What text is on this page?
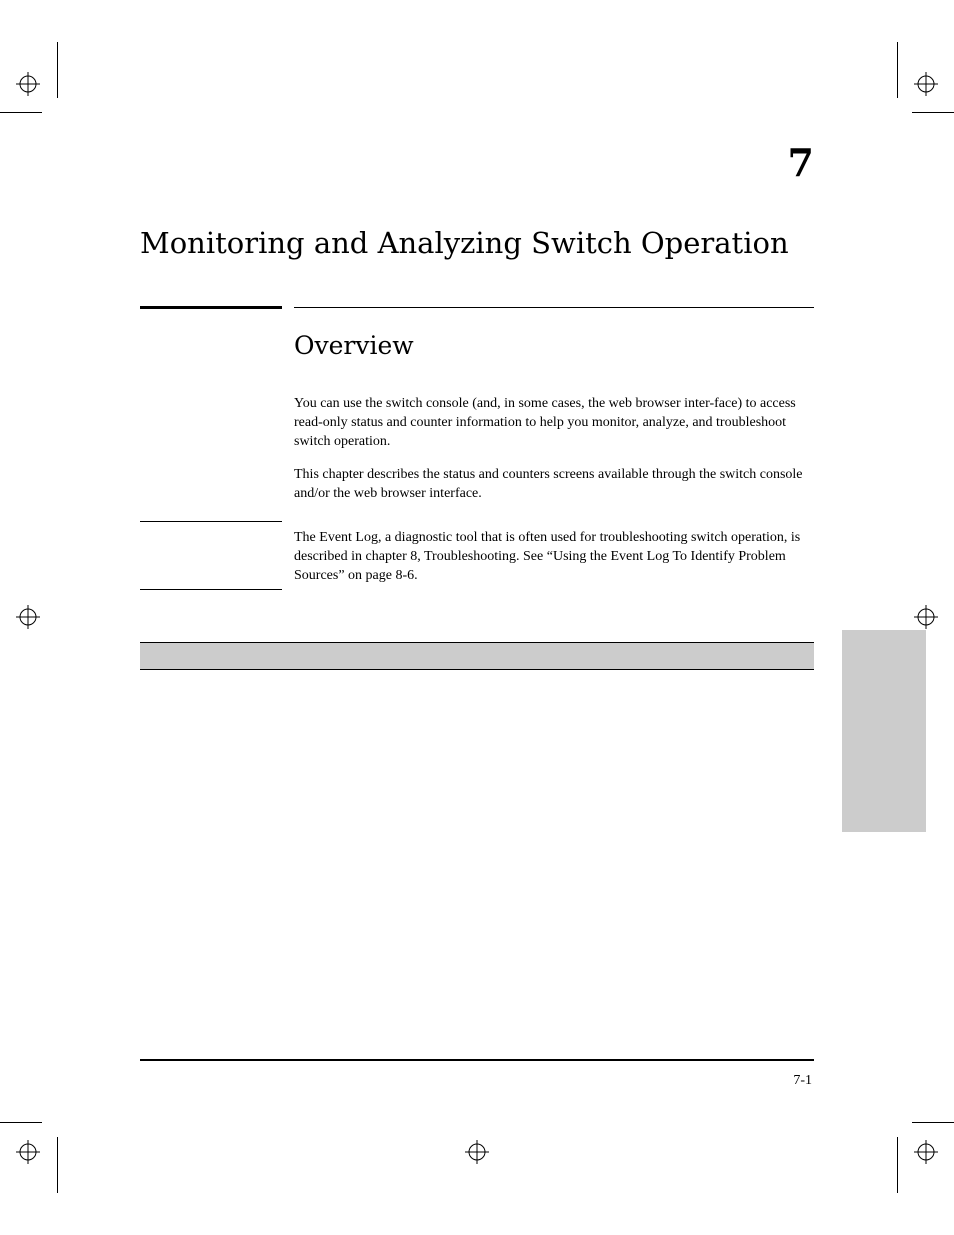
7
Monitoring and Analyzing Switch Operation
Overview
You can use the switch console (and, in some cases, the web browser inter-face) to access read-only status and counter information to help you monitor, analyze, and troubleshoot switch operation.
This chapter describes the status and counters screens available through the switch console and/or the web browser interface.
The Event Log, a diagnostic tool that is often used for troubleshooting switch operation, is described in chapter 8, Troubleshooting. See “Using the Event Log To Identify Problem Sources” on page 8-6.
7-1
